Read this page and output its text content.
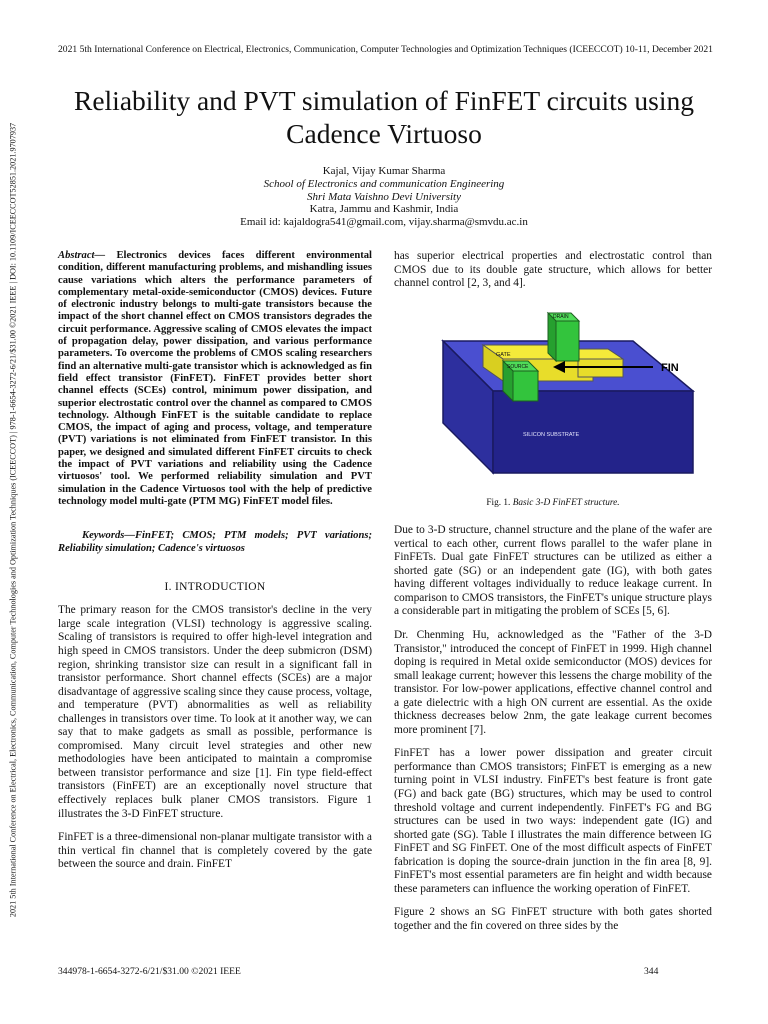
2021 5th International Conference on Electrical, Electronics, Communication, Computer Technologies and Optimization Techniques (ICEECCOT) | 978-1-6654-3272-6/21/$31.00 ©2021 IEEE | DOI: 10.1109/ICEECCOT52851.2021.9707937
2021 5th International Conference on Electrical, Electronics, Communication, Computer Technologies and Optimization Techniques (ICEECCOT) 10-11, December 2021
Reliability and PVT simulation of FinFET circuits using Cadence Virtuoso
Kajal, Vijay Kumar Sharma
School of Electronics and communication Engineering
Shri Mata Vaishno Devi University
Katra, Jammu and Kashmir, India
Email id: kajaldogra541@gmail.com, vijay.sharma@smvdu.ac.in

Abstract— Electronics devices faces different environmental condition, different manufacturing problems, and mishandling issues cause variations which alters the performance parameters of complementary metal-oxide-semiconductor (CMOS) devices. Future of electronic industry belongs to multi-gate transistors because the impact of the short channel effect on CMOS transistors degrades the circuit performance. Aggressive scaling of CMOS elevates the impact of propagation delay, power dissipation, and various performance parameters. To overcome the problems of CMOS scaling researchers find an alternative multi-gate transistor which is acknowledged as fin field effect transistor (FinFET). FinFET provides better short channel effects (SCEs) control, minimum power dissipation, and superior electrostatic control over the channel as compared to CMOS technology. Although FinFET is the suitable candidate to replace CMOS, the impact of aging and process, voltage, and temperature (PVT) variations is not eliminated from FinFET transistor. In this paper, we designed and simulated different FinFET circuits to check the impact of PVT variations and reliability using the Cadence virtuosos' tool. We performed reliability simulation and PVT simulation in the Cadence Virtuosos tool with the help of predictive technology model multi-gate (PTM MG) FinFET model files.

Keywords—FinFET; CMOS; PTM models; PVT variations; Reliability simulation; Cadence's virtuosos

I. INTRODUCTION

The primary reason for the CMOS transistor's decline in the very large scale integration (VLSI) technology is aggressive scaling. Scaling of transistors is required to offer high-level integration and high speed in CMOS transistors. Under the deep submicron (DSM) region, shrinking transistor size can result in a significant fall in transistor performance. Short channel effects (SCEs) are a major disadvantage of aggressive scaling since they cause process, voltage, and temperature (PVT) abnormalities as well as reliability challenges in transistors over time. To look at it another way, we can say that to make gadgets as small as possible, performance is compromised. Many circuit level strategies and other new methodologies have been anticipated to maintain a compromise between transistor performance and size [1]. Fin type field-effect transistors (FinFET) are an exceptionally novel structure that effectively replaces bulk planer CMOS transistors. Figure 1 illustrates the 3-D FinFET structure.

FinFET is a three-dimensional non-planar multigate transistor with a thin vertical fin channel that is completely covered by the gate between the source and drain. FinFET

has superior electrical properties and electrostatic control than CMOS due to its double gate structure, which allows for better channel control [2, 3, and 4].

DRAIN
GATE
SOURCE	FIN
SILICON SUBSTRATE

Fig. 1. Basic 3-D FinFET structure.

Due to 3-D structure, channel structure and the plane of the wafer are vertical to each other, current flows parallel to the wafer plane in FinFETs. Dual gate FinFET structures can be utilized as either a shorted gate (SG) or an independent gate (IG), with both gates having different voltages individually to reduce leakage current. In comparison to CMOS transistors, the FinFET's unique structure plays a considerable part in mitigating the problem of SCEs [5, 6].

Dr. Chenming Hu, acknowledged as the "Father of the 3-D Transistor," introduced the concept of FinFET in 1999. High channel doping is required in Metal oxide semiconductor (MOS) devices for small leakage current; however this lessens the charge mobility of the transistor. For low-power applications, effective channel control and a gate dielectric with a high ON current are essential. As the oxide thickness decreases below 2nm, the gate leakage current becomes more prominent [7].

FinFET has a lower power dissipation and greater circuit performance than CMOS transistors; FinFET is emerging as a new turning point in VLSI industry. FinFET's best feature is front gate (FG) and back gate (BG) structures, which may be used to control threshold voltage and current independently. FinFET's FG and BG structures can be used in two ways: independent gate (IG) and shorted gate (SG). Table I illustrates the main difference between IG FinFET and SG FinFET. One of the most difficult aspects of FinFET fabrication is doping the source-drain junction in the fin area [8, 9]. FinFET's most essential parameters are fin height and width because these parameters can influence the working operation of FinFET.

Figure 2 shows an SG FinFET structure with both gates shorted together and the fin covered on three sides by the

344978-1-6654-3272-6/21/$31.00 ©2021 IEEE	344
